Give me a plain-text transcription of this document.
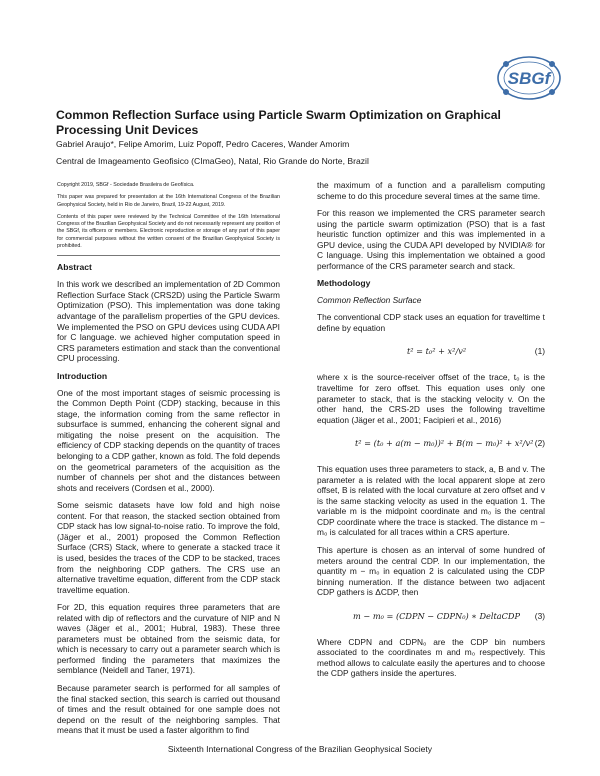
SBGf
Common Reflection Surface using Particle Swarm Optimization on Graphical Processing Unit Devices
Gabriel Araujo*, Felipe Amorim, Luiz Popoff, Pedro Caceres, Wander Amorim
Central de Imageamento Geofisico (CImaGeo), Natal, Rio Grande do Norte, Brazil

Copyright 2019, SBGf - Sociedade Brasileira de Geofísica.

This paper was prepared for presentation at the 16th International Congress of the Brazilian Geophysical Society, held in Rio de Janeiro, Brazil, 19-22 August, 2019.

Contents of this paper were reviewed by the Technical Committee of the 16th International Congress of the Brazilian Geophysical Society and do not necessarily represent any position of the SBGf, its officers or members. Electronic reproduction or storage of any part of this paper for commercial purposes without the written consent of the Brazilian Geophysical Society is prohibited.

Abstract

In this work we described an implementation of 2D Common Reflection Surface Stack (CRS2D) using the Particle Swarm Optimization (PSO). This implementation was done taking advantage of the parallelism properties of the GPU devices. We implemented the PSO on GPU devices using CUDA API for C language. we achieved higher computation speed in CRS parameters estimation and stack than the conventional CPU processing.

Introduction

One of the most important stages of seismic processing is the Common Depth Point (CDP) stacking, because in this stage, the information coming from the same reflector in subsurface is summed, enhancing the coherent signal and mitigating the noise present on the acquisition. The efficiency of CDP stacking depends on the quantity of traces belonging to a CDP gather, known as fold. The fold depends on the geometrical parameters of the acquisition as the number of channels per shot and the distances between shots and receivers (Cordsen et al., 2000).

Some seismic datasets have low fold and high noise content. For that reason, the stacked section obtained from CDP stack has low signal-to-noise ratio. To improve the fold, (Jäger et al., 2001) proposed the Common Reflection Surface (CRS) Stack, where to generate a stacked trace it is used, besides the traces of the CDP to be stacked, traces from the neighboring CDP gathers. The CRS use an alternative traveltime equation, different from the CDP stack traveltime equation.

For 2D, this equation requires three parameters that are related with dip of reflectors and the curvature of NIP and N waves (Jäger et al., 2001; Hubral, 1983). These three parameters must be obtained from the seismic data, for which is necessary to carry out a parameter search which is performed finding the parameters that maximizes the semblance (Neidell and Taner, 1971).

Because parameter search is performed for all samples of the final stacked section, this search is carried out thousand of times and the result obtained for one sample does not depend on the result of the neighboring samples. That means that it must be used a faster algorithm to find

the maximum of a function and a parallelism computing scheme to do this procedure several times at the same time.

For this reason we implemented the CRS parameter search using the particle swarm optimization (PSO) that is a fast heuristic function optimizer and this was implemented in a GPU device, using the CUDA API developed by NVIDIA® for C language. Using this implementation we obtained a good performance of the CRS parameter search and stack.

Methodology
Common Reflection Surface

The conventional CDP stack uses an equation for traveltime t define by equation

t² = t₀² + x²/v²	(1)

where x is the source-receiver offset of the trace, t₀ is the traveltime for zero offset. This equation uses only one parameter to stack, that is the stacking velocity v. On the other hand, the CRS-2D uses the following traveltime equation (Jäger et al., 2001; Facipieri et al., 2016)

t² = (t₀ + a(m − m₀))² + B(m − m₀)² + x²/v² (2)

This equation uses three parameters to stack, a, B and v. The parameter a is related with the local apparent slope at zero offset, B is related with the local curvature at zero offset and v is the same stacking velocity as used in the equation 1. The variable m is the midpoint coordinate and m₀ is the central CDP coordinate where the trace is stacked. The distance m − m₀ is calculated for all traces within a CRS aperture.

This aperture is chosen as an interval of some hundred of meters around the central CDP. In our implementation, the quantity m − m₀ in equation 2 is calculated using the CDP binning numeration. If the distance between two adjacent CDP gathers is ΔCDP, then

m − m₀ = (CDPN − CDPN₀) ∗ DeltaCDP (3)

Where CDPN and CDPN₀ are the CDP bin numbers associated to the coordinates m and m₀ respectively. This method allows to calculate easily the apertures and to choose the CDP gathers inside the apertures.

Sixteenth International Congress of the Brazilian Geophysical Society
